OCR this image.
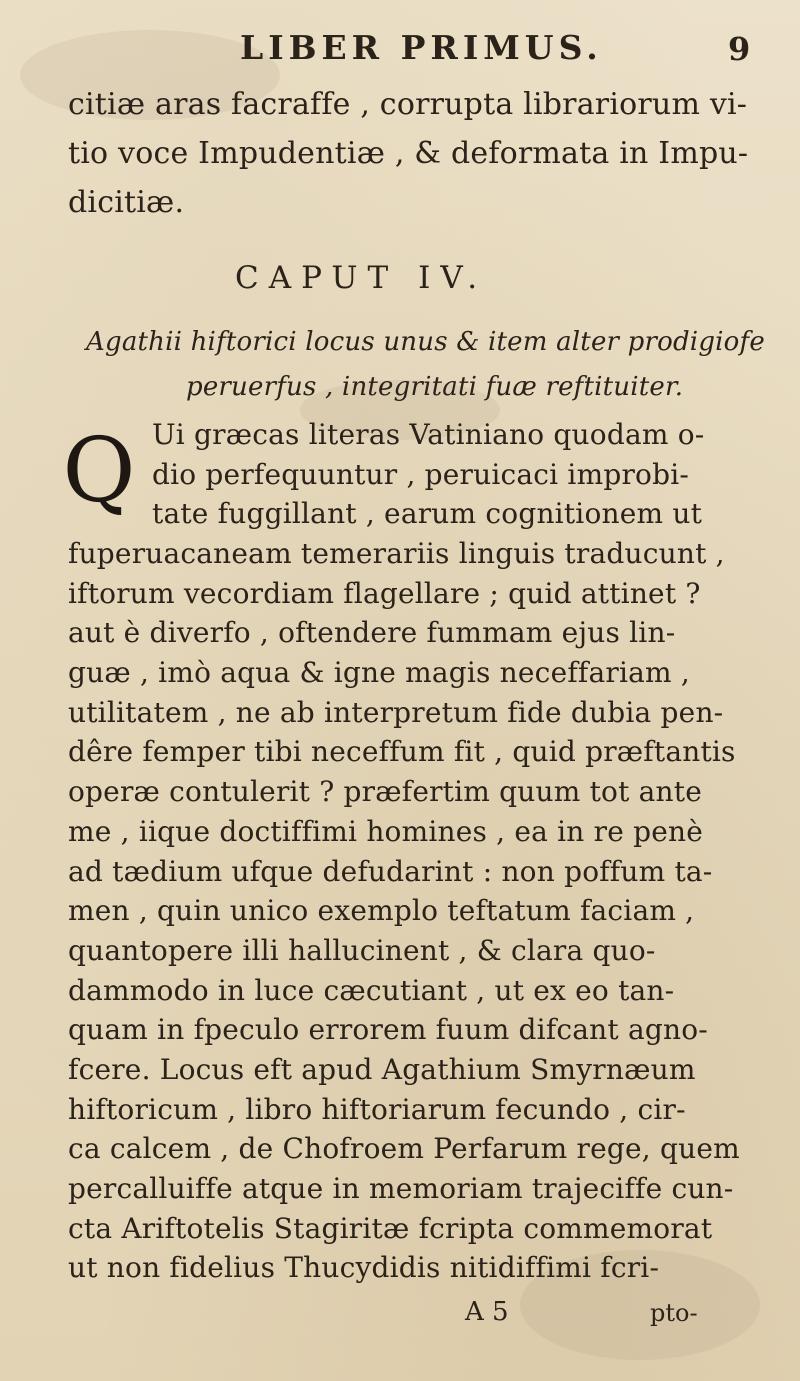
LIBER PRIMUS.	9
citiæ aras facraffe , corrupta librariorum vi-
tio voce Impudentiæ , & deformata in Impu-
dicitiæ.
CAPUT IV.
Agathii hiftorici locus unus & item alter prodigiofe
peruerfus , integritati fuæ reftituiter.
Q Ui græcas literas Vatiniano quodam o-
dio perfequuntur , peruicaci improbi-
tate fuggillant , earum cognitionem ut
fuperuacaneam temerariis linguis traducunt ,
iftorum vecordiam flagellare ; quid attinet ?
aut è diverfo , oftendere fummam ejus lin-
guæ , imò aqua & igne magis neceffariam ,
utilitatem , ne ab interpretum fide dubia pen-
dêre femper tibi neceffum fit , quid præftantis
operæ contulerit ? præfertim quum tot ante
me , iique doctiffimi homines , ea in re penè
ad tædium ufque defudarint : non poffum ta-
men , quin unico exemplo teftatum faciam ,
quantopere illi hallucinent , & clara quo-
dammodo in luce cæcutiant , ut ex eo tan-
quam in fpeculo errorem fuum difcant agno-
fcere. Locus eft apud Agathium Smyrnæum
hiftoricum , libro hiftoriarum fecundo , cir-
ca calcem , de Chofroem Perfarum rege, quem
percalluiffe atque in memoriam trajeciffe cun-
cta Ariftotelis Stagiritæ fcripta commemorat
ut non fidelius Thucydidis nitidiffimi fcri-
A 5	pto-
